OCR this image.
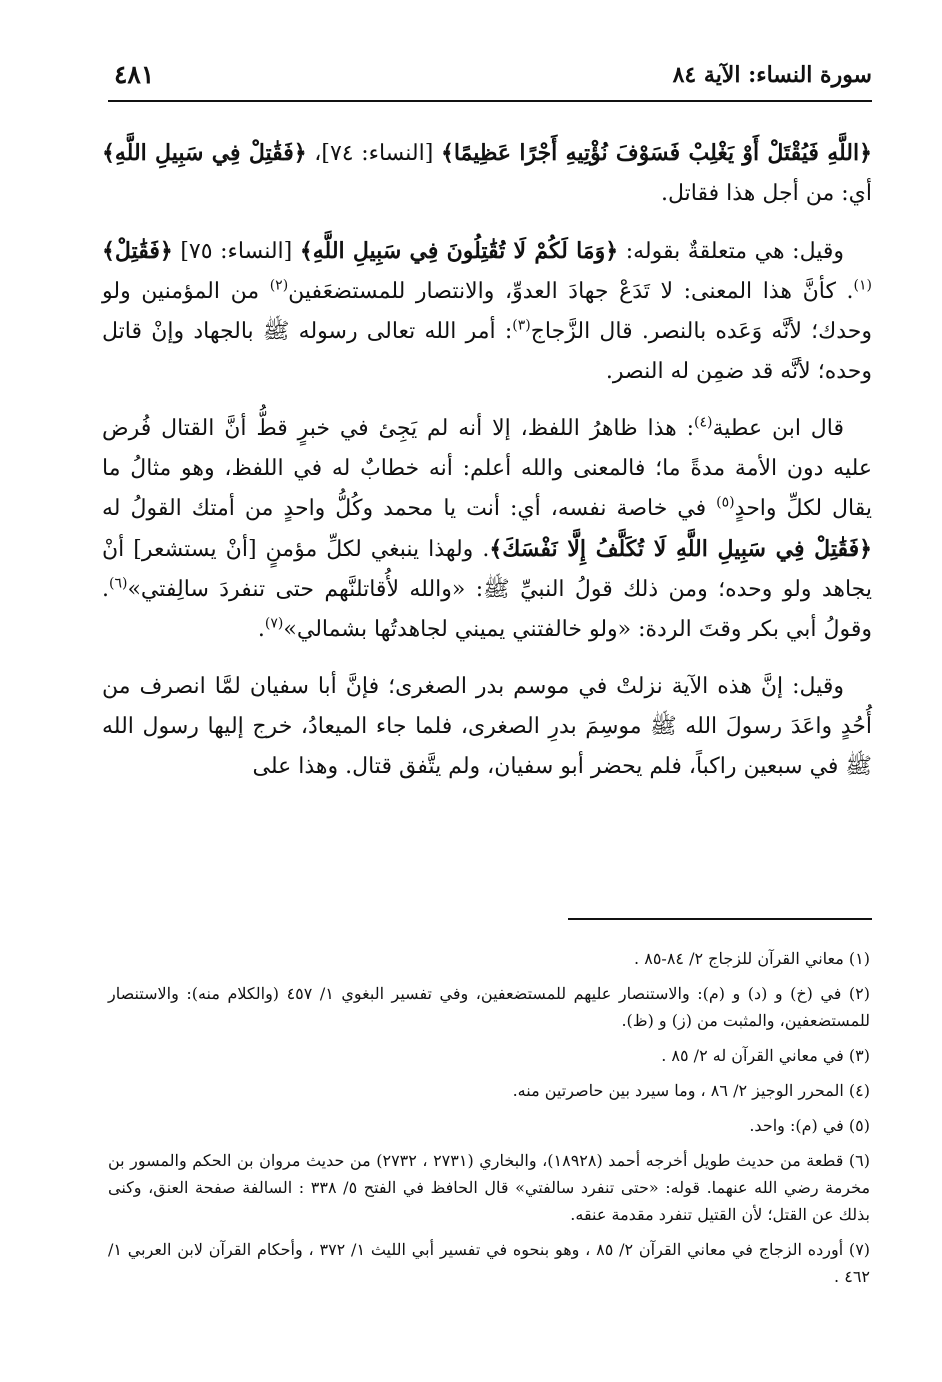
سورة النساء: الآية ٨٤
٤٨١

﴿اللَّهِ فَيُقْتَلْ أَوْ يَغْلِبْ فَسَوْفَ نُؤْتِيهِ أَجْرًا عَظِيمًا﴾ [النساء: ٧٤]، ﴿فَقَٰتِلْ فِي سَبِيلِ اللَّهِ﴾ أي: من أجل هذا فقاتل.

وقيل: هي متعلقةٌ بقوله: ﴿وَمَا لَكُمْ لَا تُقَٰتِلُونَ فِي سَبِيلِ اللَّهِ﴾ [النساء: ٧٥] ﴿فَقَٰتِلْ﴾$^{(١)}$. كأنَّ هذا المعنى: لا تَدَعْ جهادَ العدوِّ، والانتصار للمستضعَفين$^{(٢)}$ من المؤمنين ولو وحدك؛ لأنَّه وَعَده بالنصر. قال الزَّجاج$^{(٣)}$: أمر الله تعالى رسوله ﷺ بالجهاد وإنْ قاتل وحده؛ لأنَّه قد ضمِن له النصر.

قال ابن عطية$^{(٤)}$: هذا ظاهرُ اللفظ، إلا أنه لم يَجِئ في خبرٍ قطُّ أنَّ القتال فُرض عليه دون الأمة مدةً ما؛ فالمعنى والله أعلم: أنه خطابٌ له في اللفظ، وهو مثالُ ما يقال لكلِّ واحدٍ$^{(٥)}$ في خاصة نفسه، أي: أنت يا محمد وكُلُّ واحدٍ من أمتك القولُ له ﴿فَقَٰتِلْ فِي سَبِيلِ اللَّهِ لَا تُكَلَّفُ إِلَّا نَفْسَكَ﴾. ولهذا ينبغي لكلِّ مؤمنٍ [أنْ يستشعر] أنْ يجاهد ولو وحده؛ ومن ذلك قولُ النبيِّ ﷺ: «والله لأُقاتلنَّهم حتى تنفردَ سالِفتي»$^{(٦)}$. وقولُ أبي بكر وقتَ الردة: «ولو خالفتني يميني لجاهدتُها بشمالي»$^{(٧)}$.

وقيل: إنَّ هذه الآية نزلتْ في موسم بدر الصغرى؛ فإنَّ أبا سفيان لمَّا انصرف من أُحُدٍ واعَدَ رسولَ الله ﷺ موسِمَ بدرِ الصغرى، فلما جاء الميعادُ، خرج إليها رسول الله ﷺ في سبعين راكباً، فلم يحضر أبو سفيان، ولم يتَّفق قتال. وهذا على

(١) معاني القرآن للزجاج ٢/ ٨٤-٨٥ .

(٢) في (خ) و (د) و (م): والاستنصار عليهم للمستضعفين، وفي تفسير البغوي ١/ ٤٥٧ (والكلام منه): والاستنصار للمستضعفين، والمثبت من (ز) و (ظ).

(٣) في معاني القرآن له ٢/ ٨٥ .

(٤) المحرر الوجيز ٢/ ٨٦ ، وما سيرد بين حاصرتين منه.

(٥) في (م): واحد.

(٦) قطعة من حديث طويل أخرجه أحمد (١٨٩٢٨)، والبخاري (٢٧٣١ ، ٢٧٣٢) من حديث مروان بن الحكم والمسور بن مخرمة رضي الله عنهما. قوله: «حتى تنفرد سالفتي» قال الحافظ في الفتح ٥/ ٣٣٨ : السالفة صفحة العنق، وكنى بذلك عن القتل؛ لأن القتيل تنفرد مقدمة عنقه.

(٧) أورده الزجاج في معاني القرآن ٢/ ٨٥ ، وهو بنحوه في تفسير أبي الليث ١/ ٣٧٢ ، وأحكام القرآن لابن العربي ١/ ٤٦٢ .
